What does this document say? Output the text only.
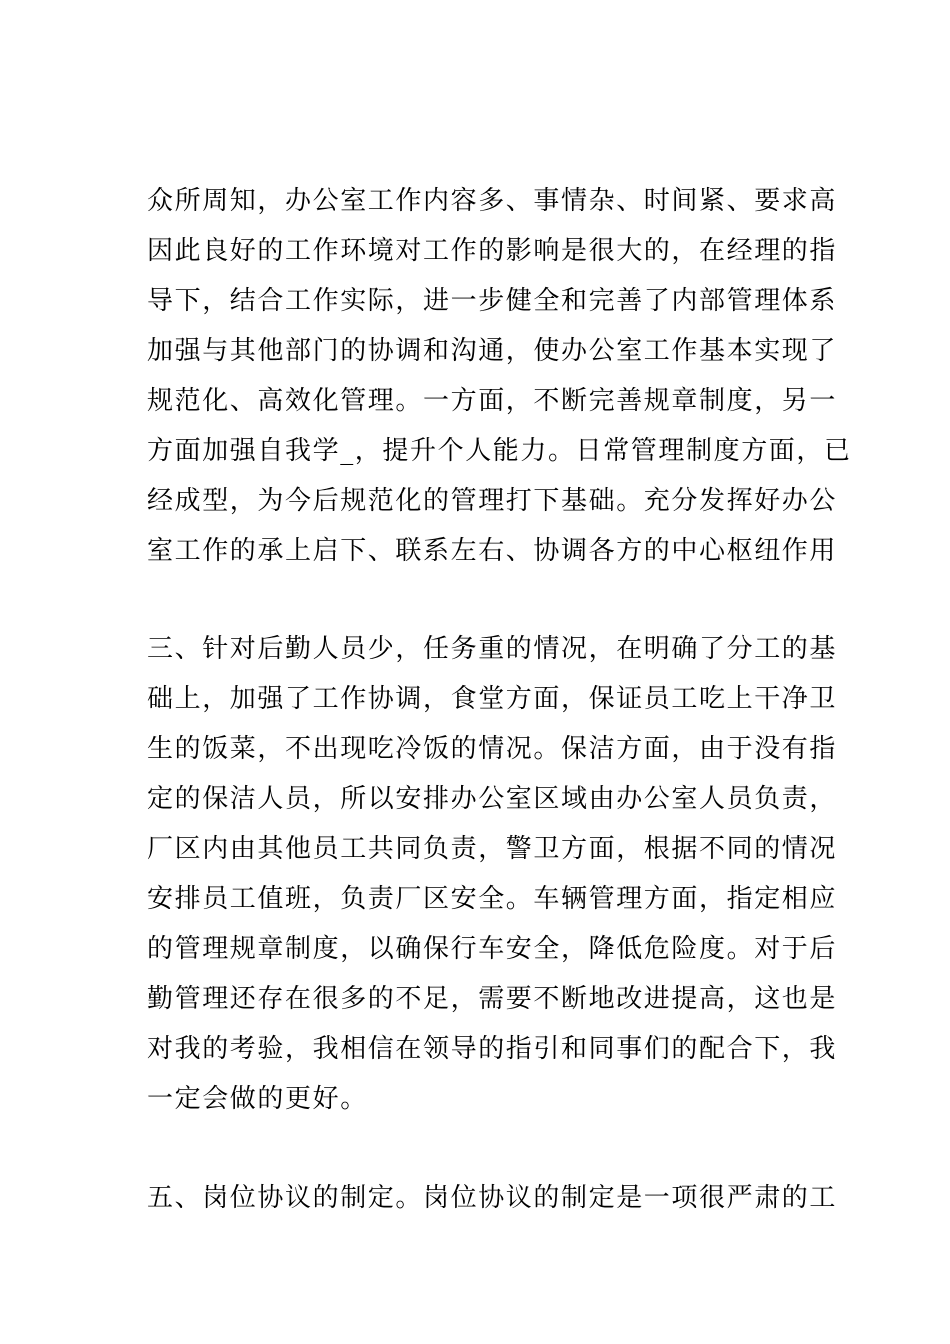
众所周知，办公室工作内容多、事情杂、时间紧、要求高
因此良好的工作环境对工作的影响是很大的，在经理的指
导下，结合工作实际，进一步健全和完善了内部管理体系
加强与其他部门的协调和沟通，使办公室工作基本实现了
规范化、高效化管理。一方面，不断完善规章制度，另一
方面加强自我学_，提升个人能力。日常管理制度方面，已
经成型，为今后规范化的管理打下基础。充分发挥好办公
室工作的承上启下、联系左右、协调各方的中心枢纽作用
三、针对后勤人员少，任务重的情况，在明确了分工的基
础上，加强了工作协调，食堂方面，保证员工吃上干净卫
生的饭菜，不出现吃冷饭的情况。保洁方面，由于没有指
定的保洁人员，所以安排办公室区域由办公室人员负责，
厂区内由其他员工共同负责，警卫方面，根据不同的情况
安排员工值班，负责厂区安全。车辆管理方面，指定相应
的管理规章制度，以确保行车安全，降低危险度。对于后
勤管理还存在很多的不足，需要不断地改进提高，这也是
对我的考验，我相信在领导的指引和同事们的配合下，我
一定会做的更好。
五、岗位协议的制定。岗位协议的制定是一项很严肃的工
